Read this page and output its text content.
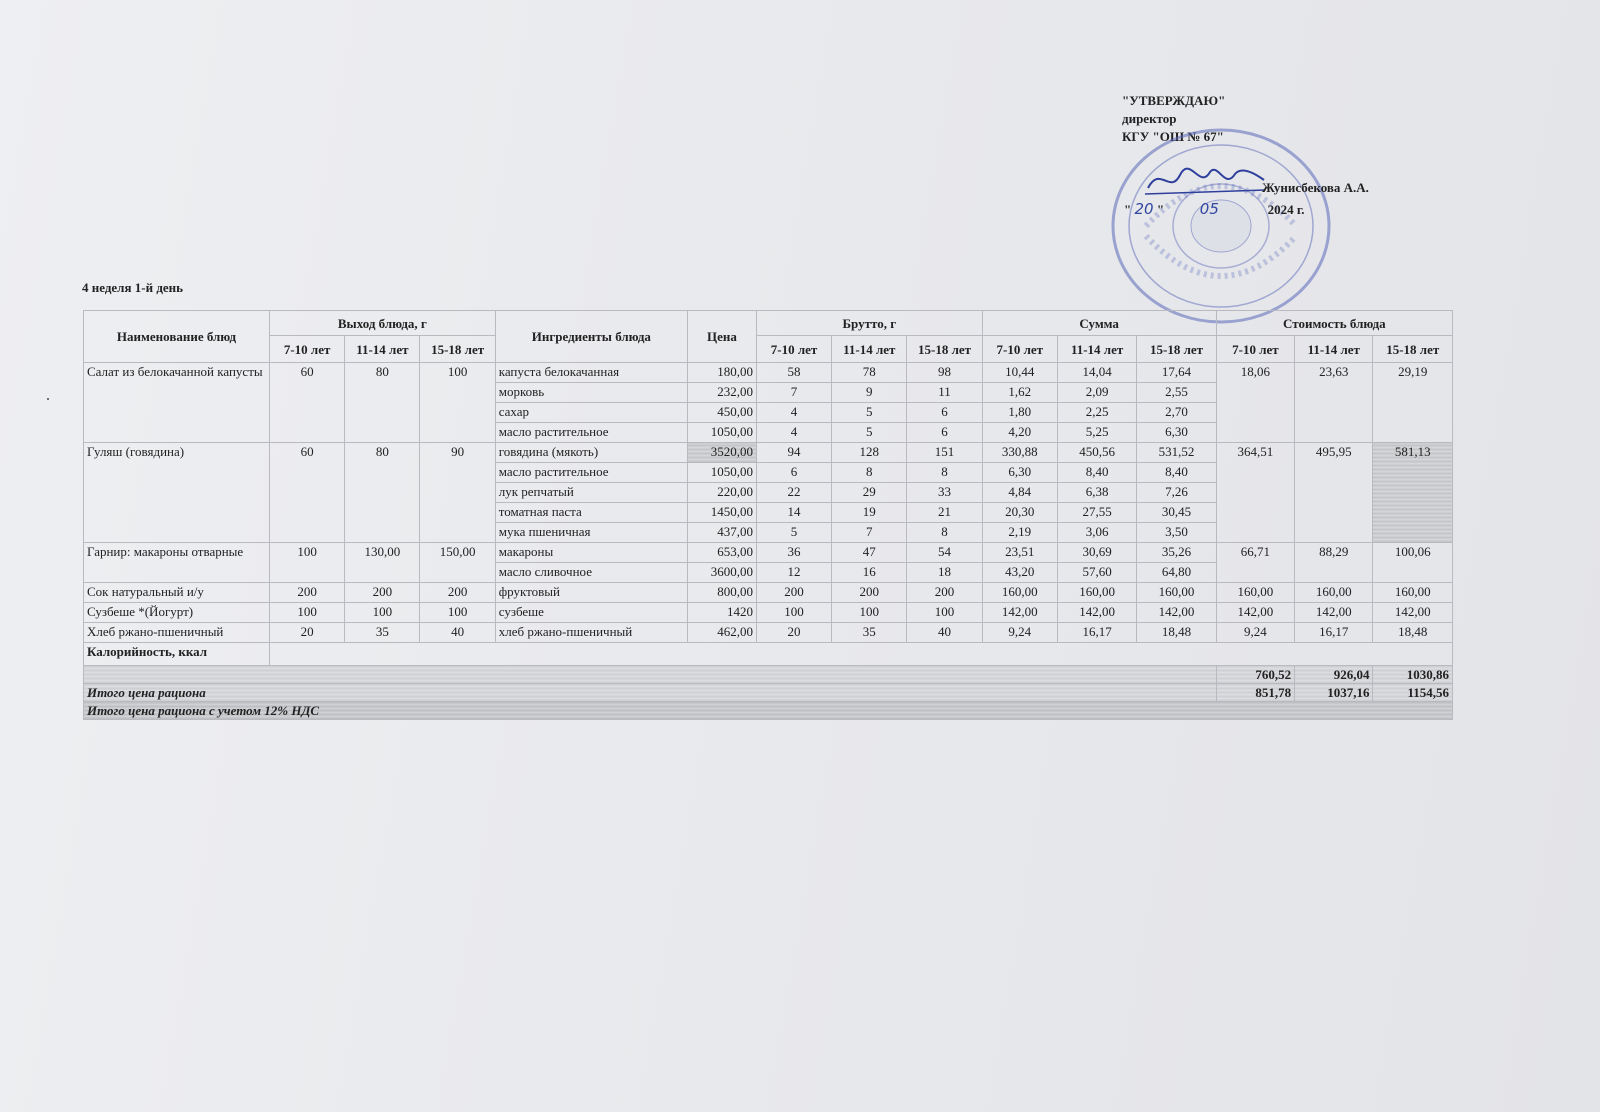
"УТВЕРЖДАЮ"
директор
КГУ "ОШ № 67"
Жунисбекова А.А.
" 20 "           05	2024 г.
4 неделя 1-й день
Наименование блюд	Выход блюда, г			Ингредиенты блюда	Цена	Брутто, г			Сумма			Стоимость блюда		
	7-10 лет	11-14 лет	15-18 лет			7-10 лет	11-14 лет	15-18 лет	7-10 лет	11-14 лет	15-18 лет	7-10 лет	11-14 лет	15-18 лет
Салат из белокачанной капусты	60	80	100	капуста белокачанная	180,00	58	78	98	10,44	14,04	17,64	18,06	23,63	29,19
				морковь	232,00	7	9	11	1,62	2,09	2,55			
				сахар	450,00	4	5	6	1,80	2,25	2,70			
				масло растительное	1050,00	4	5	6	4,20	5,25	6,30			
Гуляш (говядина)	60	80	90	говядина (мякоть)	3520,00	94	128	151	330,88	450,56	531,52	364,51	495,95	581,13
				масло растительное	1050,00	6	8	8	6,30	8,40	8,40			
				лук репчатый	220,00	22	29	33	4,84	6,38	7,26			
				томатная паста	1450,00	14	19	21	20,30	27,55	30,45			
				мука пшеничная	437,00	5	7	8	2,19	3,06	3,50			
Гарнир: макароны отварные	100	130,00	150,00	макароны	653,00	36	47	54	23,51	30,69	35,26	66,71	88,29	100,06
				масло сливочное	3600,00	12	16	18	43,20	57,60	64,80			
Сок натуральный и/у	200	200	200	фруктовый	800,00	200	200	200	160,00	160,00	160,00	160,00	160,00	160,00
Сузбеше *(Йогурт)	100	100	100	сузбеше	1420	100	100	100	142,00	142,00	142,00	142,00	142,00	142,00
Хлеб ржано-пшеничный	20	35	40	хлеб ржано-пшеничный	462,00	20	35	40	9,24	16,17	18,48	9,24	16,17	18,48
Калорийность, ккал														
												760,52	926,04	1030,86
Итого цена рациона												851,78	1037,16	1154,56
Итого цена рациона с учетом 12% НДС														
